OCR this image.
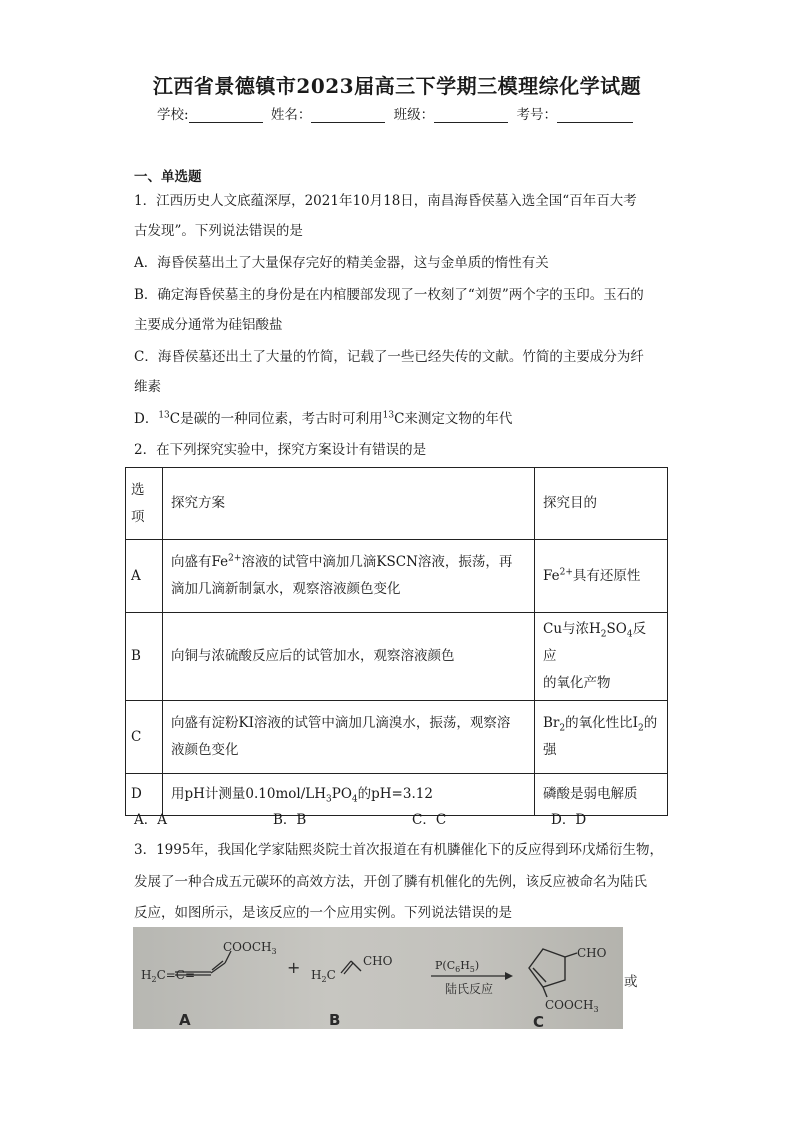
江西省景德镇市2023届高三下学期三模理综化学试题
学校:	姓名：	班级：	考号：
一、单选题
1．江西历史人文底蕴深厚，2021年10月18日，南昌海昏侯墓入选全国“百年百大考
古发现”。下列说法错误的是
A．海昏侯墓出土了大量保存完好的精美金器，这与金单质的惰性有关
B．确定海昏侯墓主的身份是在内棺腰部发现了一枚刻了“刘贺”两个字的玉印。玉石的
主要成分通常为硅铝酸盐
C．海昏侯墓还出土了大量的竹简，记载了一些已经失传的文献。竹简的主要成分为纤
维素
D．$^{13}$C是碳的一种同位素，考古时可利用$^{13}$C来测定文物的年代
2．在下列探究实验中，探究方案设计有错误的是
选
项	探究方案	探究目的
A	向盛有$Fe^{2+}$溶液的试管中滴加几滴KSCN溶液，振荡，再
滴加几滴新制氯水，观察溶液颜色变化	$Fe^{2+}$具有还原性
B	向铜与浓硫酸反应后的试管加水，观察溶液颜色	Cu与浓$H_2SO_4$反应
的氧化产物
C	向盛有淀粉KI溶液的试管中滴加几滴溴水，振荡，观察溶
液颜色变化	$Br_2$的氧化性比$I_2$的
强
D	用pH计测量$0.10mol/LH_3PO_4$的pH=3.12	磷酸是弱电解质
A．A	B．B	C．C	D．D
3．1995年，我国化学家陆熙炎院士首次报道在有机膦催化下的反应得到环戊烯衍生物，
发展了一种合成五元碳环的高效方法，开创了膦有机催化的先例，该反应被命名为陆氏
反应，如图所示，是该反应的一个应用实例。下列说法错误的是
$COOCH_3$
$H_2C=C=$	+ $H_2C$
CHO	$P(C_6H_5)$
陆氏反应
CHO
$COOCH_3$
A	B	C
或
